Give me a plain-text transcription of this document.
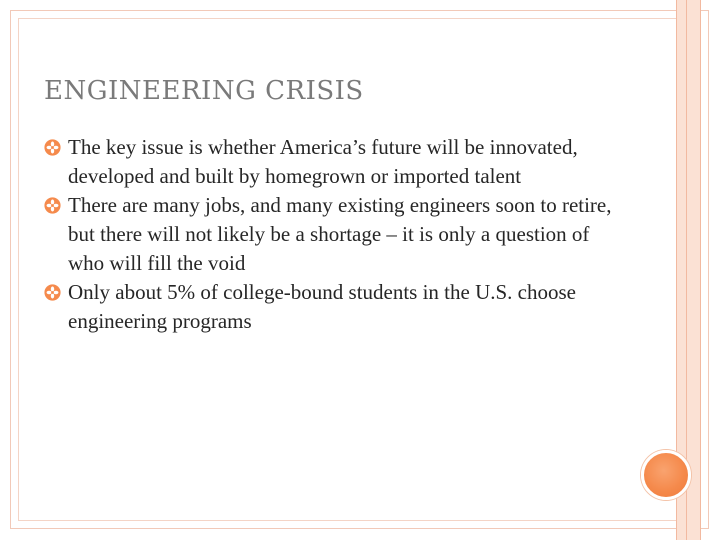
ENGINEERING CRISIS
The key issue is whether America’s future will be innovated, developed and built by homegrown or imported talent
There are many jobs, and many existing engineers soon to retire, but there will not likely be a shortage – it is only a question of who will fill the void
Only about 5% of college-bound students in the U.S. choose engineering programs
